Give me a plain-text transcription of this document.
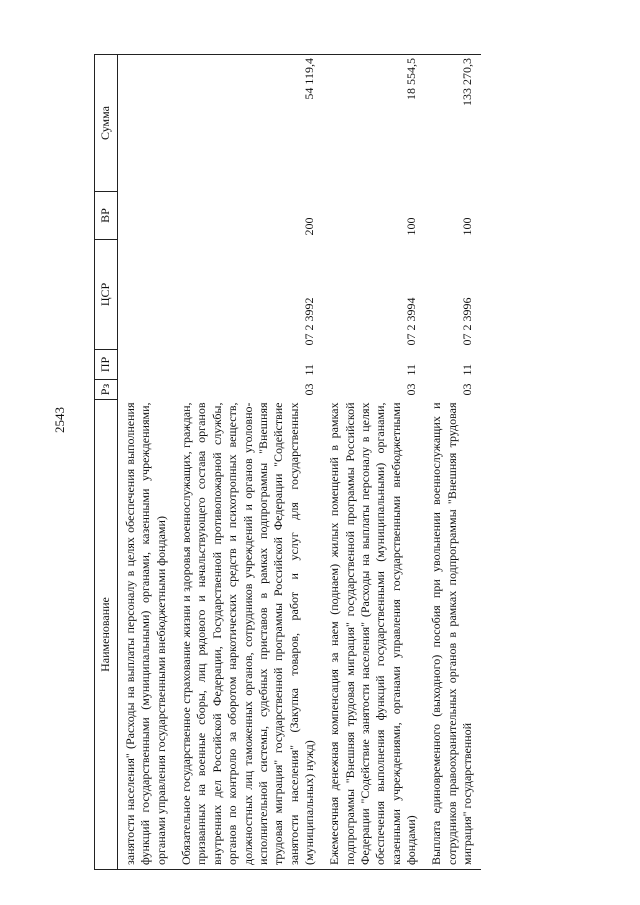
2543
Наименование	Рз	ПР	ЦСР	ВР	Сумма
занятости населения" (Расходы на выплаты персоналу в целях обеспечения выполнения функций государственными (муниципальными) органами, казенными учреждениями, органами управления государственными внебюджетными фондами)					
Обязательное государственное страхование жизни и здоровья военнослужащих, граждан, призванных на военные сборы, лиц рядового и начальствующего состава органов внутренних дел Российской Федерации, Государственной противопожарной службы, органов по контролю за оборотом наркотических средств и психотропных веществ, должностных лиц таможенных органов, сотрудников учреждений и органов уголовно-исполнительной системы, судебных приставов в рамках подпрограммы "Внешняя трудовая миграция" государственной программы Российской Федерации "Содействие занятости населения" (Закупка товаров, работ и услуг для государственных (муниципальных) нужд)	03	11	07 2 3992	200	54 119,4
Ежемесячная денежная компенсация за наем (поднаем) жилых помещений в рамках подпрограммы "Внешняя трудовая миграция" государственной программы Российской Федерации "Содействие занятости населения" (Расходы на выплаты персоналу в целях обеспечения выполнения функций государственными (муниципальными) органами, казенными учреждениями, органами управления государственными внебюджетными фондами)	03	11	07 2 3994	100	18 554,5
Выплата единовременного (выходного) пособия при увольнении военнослужащих и сотрудников правоохранительных органов в рамках подпрограммы "Внешняя трудовая миграция" государственной	03	11	07 2 3996	100	133 270,3
